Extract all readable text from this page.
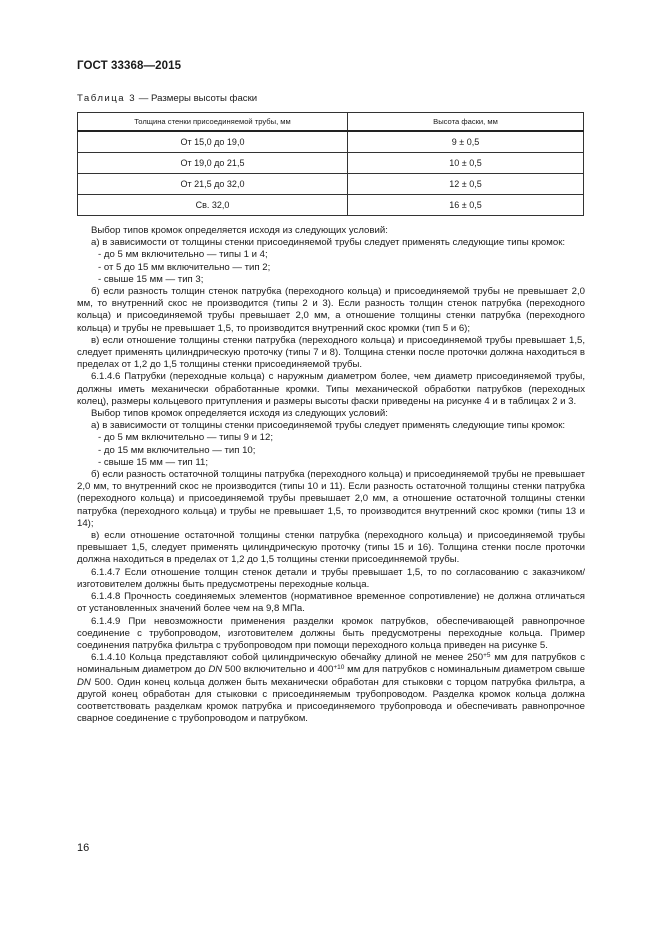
ГОСТ 33368—2015
Таблица 3 — Размеры высоты фаски
Толщина стенки присоединяемой трубы, мм	Высота фаски, мм
От 15,0 до 19,0	9 ± 0,5
От 19,0 до 21,5	10 ± 0,5
От 21,5 до 32,0	12 ± 0,5
Св. 32,0	16 ± 0,5

Выбор типов кромок определяется исходя из следующих условий:

а) в зависимости от толщины стенки присоединяемой трубы следует применять следующие типы кромок:

- до 5 мм включительно — типы 1 и 4;

- от 5 до 15 мм включительно — тип 2;

- свыше 15 мм — тип 3;

б) если разность толщин стенок патрубка (переходного кольца) и присоединяемой трубы не превышает 2,0 мм, то внутренний скос не производится (типы 2 и 3). Если разность толщин стенок патрубка (переходного кольца) и присоединяемой трубы превышает 2,0 мм, а отношение толщины стенки патрубка (переходного кольца) и трубы не превышает 1,5, то производится внутренний скос кромки (тип 5 и 6);

в) если отношение толщины стенки патрубка (переходного кольца) и присоединяемой трубы превышает 1,5, следует применять цилиндрическую проточку (типы 7 и 8). Толщина стенки после проточки должна находиться в пределах от 1,2 до 1,5 толщины стенки присоединяемой трубы.

6.1.4.6 Патрубки (переходные кольца) с наружным диаметром более, чем диаметр присоединяемой трубы, должны иметь механически обработанные кромки. Типы механической обработки патрубков (переходных колец), размеры кольцевого притупления и размеры высоты фаски приведены на рисунке 4 и в таблицах 2 и 3.

Выбор типов кромок определяется исходя из следующих условий:

а) в зависимости от толщины стенки присоединяемой трубы следует применять следующие типы кромок:

- до 5 мм включительно — типы 9 и 12;

- до 15 мм включительно — тип 10;

- свыше 15 мм — тип 11;

б) если разность остаточной толщины патрубка (переходного кольца) и присоединяемой трубы не превышает 2,0 мм, то внутренний скос не производится (типы 10 и 11). Если разность остаточной толщины стенки патрубка (переходного кольца) и присоединяемой трубы превышает 2,0 мм, а отношение остаточной толщины стенки патрубка (переходного кольца) и трубы не превышает 1,5, то производится внутренний скос кромки (типы 13 и 14);

в) если отношение остаточной толщины стенки патрубка (переходного кольца) и присоединяемой трубы превышает 1,5, следует применять цилиндрическую проточку (типы 15 и 16). Толщина стенки после проточки должна находиться в пределах от 1,2 до 1,5 толщины стенки присоединяемой трубы.

6.1.4.7 Если отношение толщин стенок детали и трубы превышает 1,5, то по согласованию с заказчиком/изготовителем должны быть предусмотрены переходные кольца.

6.1.4.8 Прочность соединяемых элементов (нормативное временное сопротивление) не должна отличаться от установленных значений более чем на 9,8 МПа.

6.1.4.9 При невозможности применения разделки кромок патрубков, обеспечивающей равнопрочное соединение с трубопроводом, изготовителем должны быть предусмотрены переходные кольца. Пример соединения патрубка фильтра с трубопроводом при помощи переходного кольца приведен на рисунке 5.

6.1.4.10 Кольца представляют собой цилиндрическую обечайку длиной не менее $250^{+5}$ мм для патрубков с номинальным диаметром до DN 500 включительно и $400^{+10}$ мм для патрубков с номинальным диаметром свыше DN 500. Один конец кольца должен быть механически обработан для стыковки с торцом патрубка фильтра, а другой конец обработан для стыковки с присоединяемым трубопроводом. Разделка кромок кольца должна соответствовать разделкам кромок патрубка и присоединяемого трубопровода и обеспечивать равнопрочное сварное соединение с трубопроводом и патрубком.

16
